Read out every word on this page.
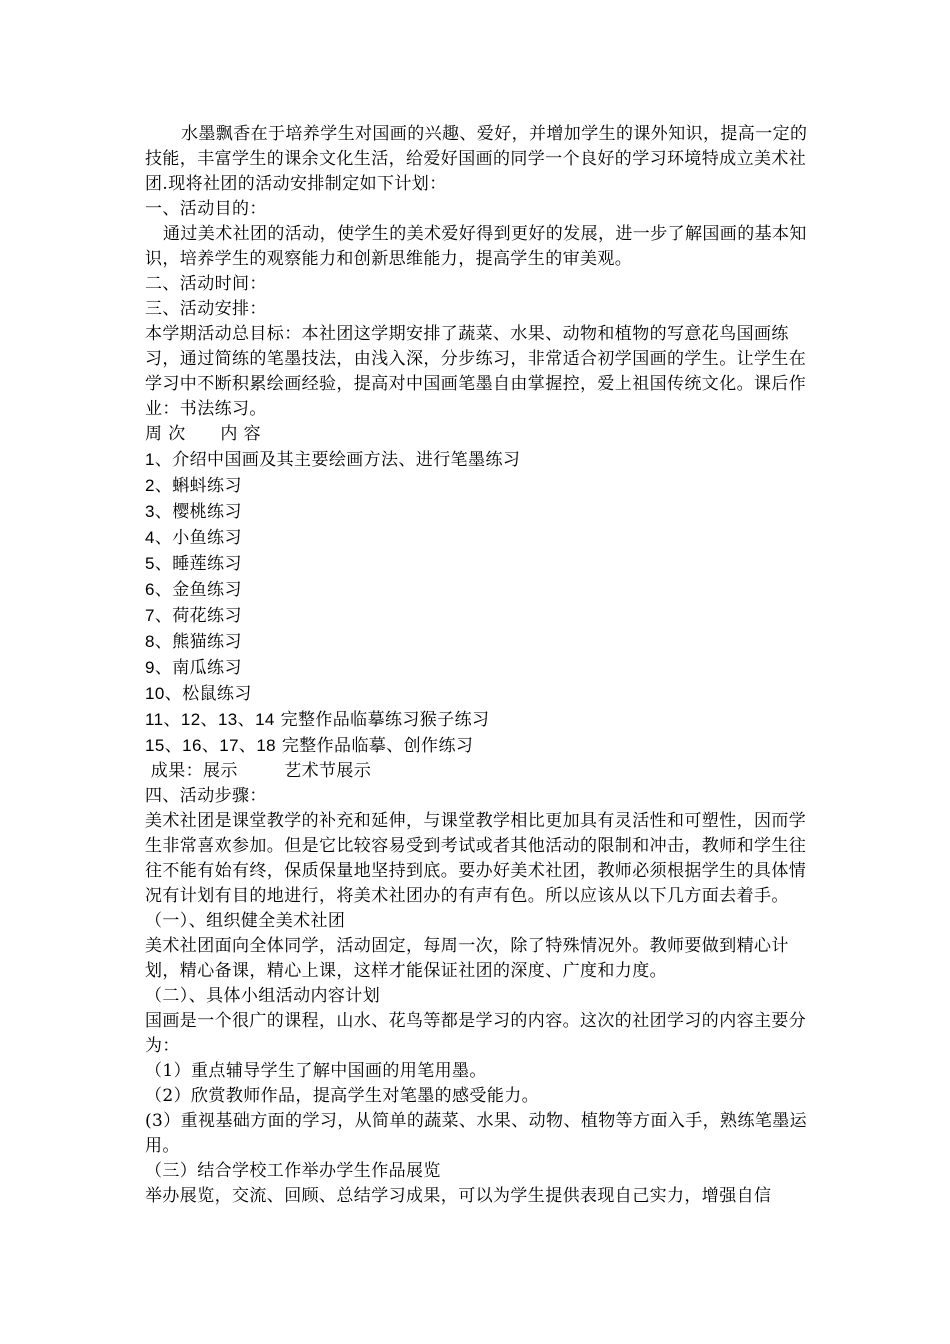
水墨飘香在于培养学生对国画的兴趣、爱好，并增加学生的课外知识，提高一定的技能，丰富学生的课余文化生活，给爱好国画的同学一个良好的学习环境特成立美术社团.现将社团的活动安排制定如下计划：

一、活动目的：

通过美术社团的活动，使学生的美术爱好得到更好的发展，进一步了解国画的基本知识，培养学生的观察能力和创新思维能力，提高学生的审美观。

二、活动时间：

三、活动安排：

本学期活动总目标：本社团这学期安排了蔬菜、水果、动物和植物的写意花鸟国画练习，通过简练的笔墨技法，由浅入深，分步练习，非常适合初学国画的学生。让学生在学习中不断积累绘画经验，提高对中国画笔墨自由掌握控，爱上祖国传统文化。课后作业：书法练习。

周 次      内 容

1、介绍中国画及其主要绘画方法、进行笔墨练习

2、蝌蚪练习

3、樱桃练习

4、小鱼练习

5、睡莲练习

6、金鱼练习

7、荷花练习

8、熊猫练习

9、南瓜练习

10、松鼠练习

11、12、13、14 完整作品临摹练习猴子练习

15、16、17、18 完整作品临摹、创作练习

成果：展示        艺术节展示

四、活动步骤：

美术社团是课堂教学的补充和延伸，与课堂教学相比更加具有灵活性和可塑性，因而学生非常喜欢参加。但是它比较容易受到考试或者其他活动的限制和冲击，教师和学生往往不能有始有终，保质保量地坚持到底。要办好美术社团，教师必须根据学生的具体情况有计划有目的地进行，将美术社团办的有声有色。所以应该从以下几方面去着手。

（一）、组织健全美术社团

美术社团面向全体同学，活动固定，每周一次，除了特殊情况外。教师要做到精心计划，精心备课，精心上课，这样才能保证社团的深度、广度和力度。

（二）、具体小组活动内容计划

国画是一个很广的课程，山水、花鸟等都是学习的内容。这次的社团学习的内容主要分为：

（1）重点辅导学生了解中国画的用笔用墨。

（2）欣赏教师作品，提高学生对笔墨的感受能力。

(3）重视基础方面的学习，从简单的蔬菜、水果、动物、植物等方面入手，熟练笔墨运用。

（三）结合学校工作举办学生作品展览

举办展览，交流、回顾、总结学习成果，可以为学生提供表现自己实力，增强自信
